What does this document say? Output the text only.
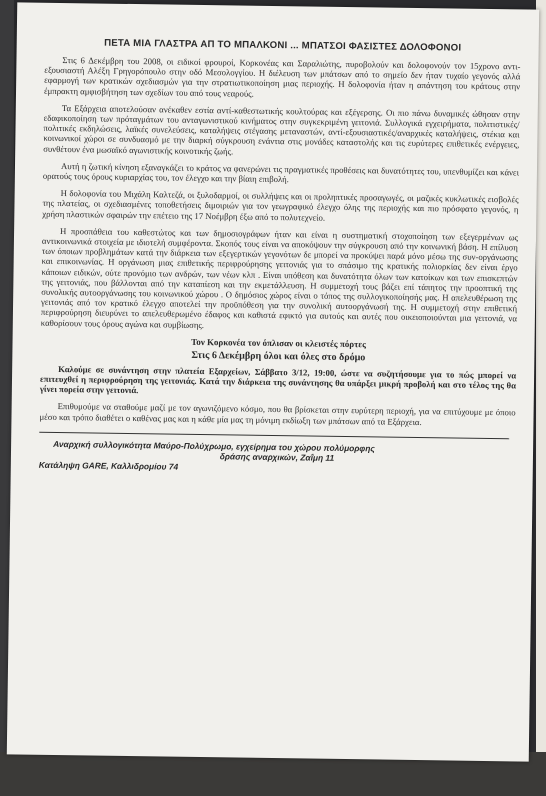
ΠΕΤΑ ΜΙΑ ΓΛΑΣΤΡΑ ΑΠ ΤΟ ΜΠΑΛΚΟΝΙ ... ΜΠΑΤΣΟΙ ΦΑΣΙΣΤΕΣ ΔΟΛΟΦΟΝΟΙ

Στις 6 Δεκέμβρη του 2008, οι ειδικοί φρουροί, Κορκονέας και Σαραλιώτης, πυροβολούν και δολοφονούν τον 15χρονο αντι-εξουσιαστή Αλέξη Γρηγορόπουλο στην οδό Μεσολογγίου. Η διέλευση των μπάτσων από το σημείο δεν ήταν τυχαίο γεγονός αλλά εφαρμογή των κρατικών σχεδιασμών για την στρατιωτικοποίηση μιας περιοχής. Η δολοφονία ήταν η απάντηση του κράτους στην έμπρακτη αμφισβήτηση των σχεδίων του από τους νεαρούς.

Τα Εξάρχεια αποτελούσαν ανέκαθεν εστία αντί-καθεστωτικής κουλτούρας και εξέγερσης. Οι πιο πάνω δυναμικές ώθησαν στην εδαφικοποίηση των πρόταγμάτων του ανταγωνιστικού κινήματος στην συγκεκριμένη γειτονιά. Συλλογικά εγχειρήματα, πολιτιστικές/πολιτικές εκδηλώσεις, λαϊκές συνελεύσεις, καταλήψεις στέγασης μεταναστών, αντί-εξουσιαστικές/αναρχικές καταλήψεις, στέκια και κοινωνικοί χώροι σε συνδυασμό με την διαρκή σύγκρουση ενάντια στις μονάδες καταστολής και τις ευρύτερες επιθετικές ενέργειες, συνθέτουν ένα μωσαϊκό αγωνιστικής κοινοτικής ζωής.

Αυτή η ζωτική κίνηση εξαναγκάζει το κράτος να φανερώνει τις πραγματικές προθέσεις και δυνατότητες του, υπενθυμίζει και κάνει ορατούς τους όρους κυριαρχίας του, τον έλεγχο και την βίαιη επιβολή.

Η δολοφονία του Μιχάλη Καλτεζά, οι ξυλοδαρμοί, οι συλλήψεις και οι προληπτικές προσαγωγές, οι μαζικές κυκλωτικές εισβολές της πλατείας, οι σχεδιασμένες τοποθετήσεις διμοιριών για τον γεωγραφικό έλεγχο όλης της περιοχής και πιο πρόσφατο γεγονός, η χρήση πλαστικών σφαιρών την επέτειο της 17 Νοέμβρη έξω από το πολυτεχνείο.

Η προσπάθεια του καθεστώτος και των δημοσιογράφων ήταν και είναι η συστηματική στοχοποίηση των εξεγερμένων ως αντικοινωνικά στοιχεία με ιδιοτελή συμφέροντα. Σκοπός τους είναι να αποκόψουν την σύγκρουση από την κοινωνική βάση. Η επίλυση των όποιων προβλημάτων κατά την διάρκεια των εξεγερτικών γεγονότων δε μπορεί να προκύψει παρά μόνο μέσω της συν-οργάνωσης και επικοινωνίας. Η οργάνωση μιας επιθετικής περιφρούρησης γειτονιάς για το σπάσιμο της κρατικής πολιορκίας δεν είναι έργο κάποιων ειδικών, ούτε προνόμιο των ανδρών, των νέων κλπ . Είναι υπόθεση και δυνατότητα όλων των κατοίκων και των επισκεπτών της γειτονιάς, που βάλλονται από την καταπίεση και την εκμετάλλευση. Η συμμετοχή τους βάζει επί τάπητος την προοπτική της συνολικής αυτοοργάνωσης του κοινωνικού χώρου . Ο δημόσιος χώρος είναι ο τόπος της συλλογικοποίησής μας. Η απελευθέρωση της γειτονιάς από τον κρατικό έλεγχο αποτελεί την προϋπόθεση για την συνολική αυτοοργάνωσή της. Η συμμετοχή στην επιθετική περιφρούρηση διευρύνει το απελευθερωμένο έδαφος και καθιστά εφικτό για αυτούς και αυτές που οικειοποιούνται μια γειτονιά, να καθορίσουν τους όρους αγώνα και συμβίωσης.

Τον Κορκονέα τον όπλισαν οι κλειστές πόρτες
Στις 6 Δεκέμβρη όλοι και όλες στο δρόμο

Καλούμε σε συνάντηση στην πλατεία Εξαρχείων, Σάββατο 3/12, 19:00, ώστε να συζητήσουμε για το πώς μπορεί να επιτευχθεί η περιφρούρηση της γειτονιάς. Κατά την διάρκεια της συνάντησης θα υπάρξει μικρή προβολή και στο τέλος της θα γίνει πορεία στην γειτονιά.

Επιθυμούμε να σταθούμε μαζί με τον αγωνιζόμενο κόσμο, που θα βρίσκεται στην ευρύτερη περιοχή, για να επιτύχουμε με όποιο μέσο και τρόπο διαθέτει ο καθένας μας και η κάθε μία μας τη μόνιμη εκδίωξη των μπάτσων από τα Εξάρχεια.

Αναρχική συλλογικότητα Μαύρο-Πολύχρωμο, εγχείρημα του χώρου πολύμορφης
δράσης αναρχικών, Ζαΐμη 11
Κατάληψη GARE, Καλλιδρομίου 74
